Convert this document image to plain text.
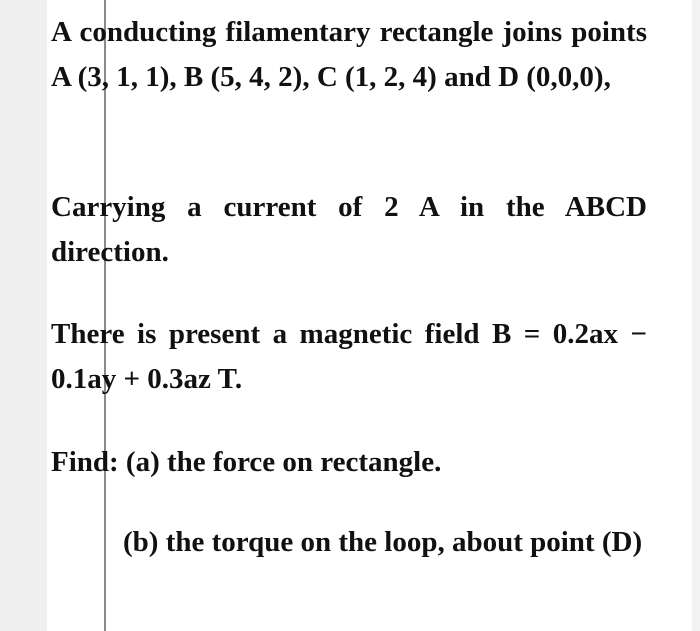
A conducting filamentary rectangle joins points A (3, 1, 1), B (5, 4, 2), C (1, 2, 4) and D (0,0,0),

Carrying a current of 2 A in the ABCD direction.

There is present a magnetic field B = 0.2ax − 0.1ay + 0.3az T.

Find: (a) the force on rectangle.

(b) the torque on the loop, about point (D)
